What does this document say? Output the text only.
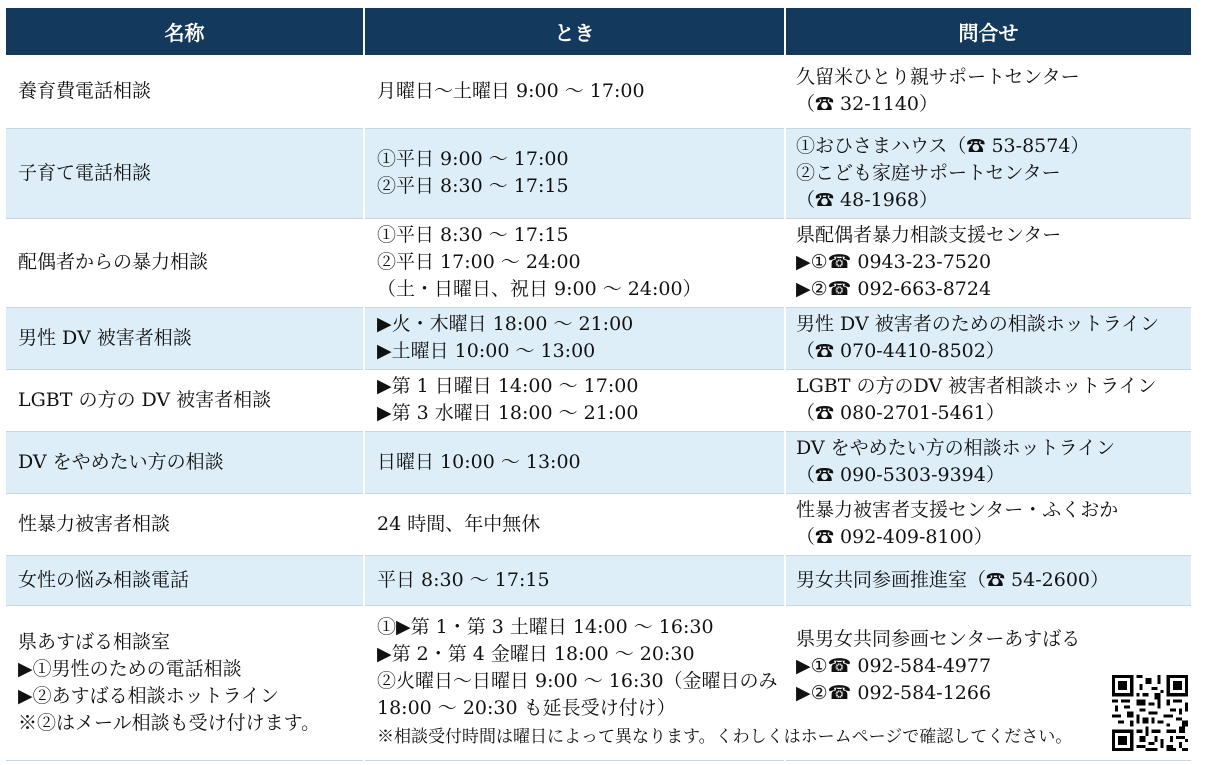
名称	とき	問合せ

養育費電話相談	月曜日〜土曜日 9:00 〜 17:00	久留米ひとり親サポートセンター
（☎ 32-1140）

子育て電話相談	①平日 9:00 〜 17:00
②平日 8:30 〜 17:15	①おひさまハウス（☎ 53-8574）
②こども家庭サポートセンター
（☎ 48-1968）

配偶者からの暴力相談	①平日 8:30 〜 17:15
②平日 17:00 〜 24:00
（土・日曜日、祝日 9:00 〜 24:00）	県配偶者暴力相談支援センター
▶①☎ 0943-23-7520
▶②☎ 092-663-8724

男性 DV 被害者相談	▶火・木曜日 18:00 〜 21:00
▶土曜日 10:00 〜 13:00	男性 DV 被害者のための相談ホットライン
（☎ 070-4410-8502）

LGBT の方の DV 被害者相談	▶第 1 日曜日 14:00 〜 17:00
▶第 3 水曜日 18:00 〜 21:00	LGBT の方のDV 被害者相談ホットライン
（☎ 080-2701-5461）

DV をやめたい方の相談	日曜日 10:00 〜 13:00	DV をやめたい方の相談ホットライン
（☎ 090-5303-9394）

性暴力被害者相談	24 時間、年中無休	性暴力被害者支援センター・ふくおか
（☎ 092-409-8100）

女性の悩み相談電話	平日 8:30 〜 17:15	男女共同参画推進室（☎ 54-2600）

県あすばる相談室
▶①男性のための電話相談
▶②あすばる相談ホットライン
※②はメール相談も受け付けます。	①▶第 1・第 3 土曜日 14:00 〜 16:30
▶第 2・第 4 金曜日 18:00 〜 20:30
②火曜日〜日曜日 9:00 〜 16:30（金曜日のみ
18:00 〜 20:30 も延長受け付け）
※相談受付時間は曜日によって異なります。くわしくはホームページで確認してください。	県男女共同参画センターあすばる
▶①☎ 092-584-4977
▶②☎ 092-584-1266
